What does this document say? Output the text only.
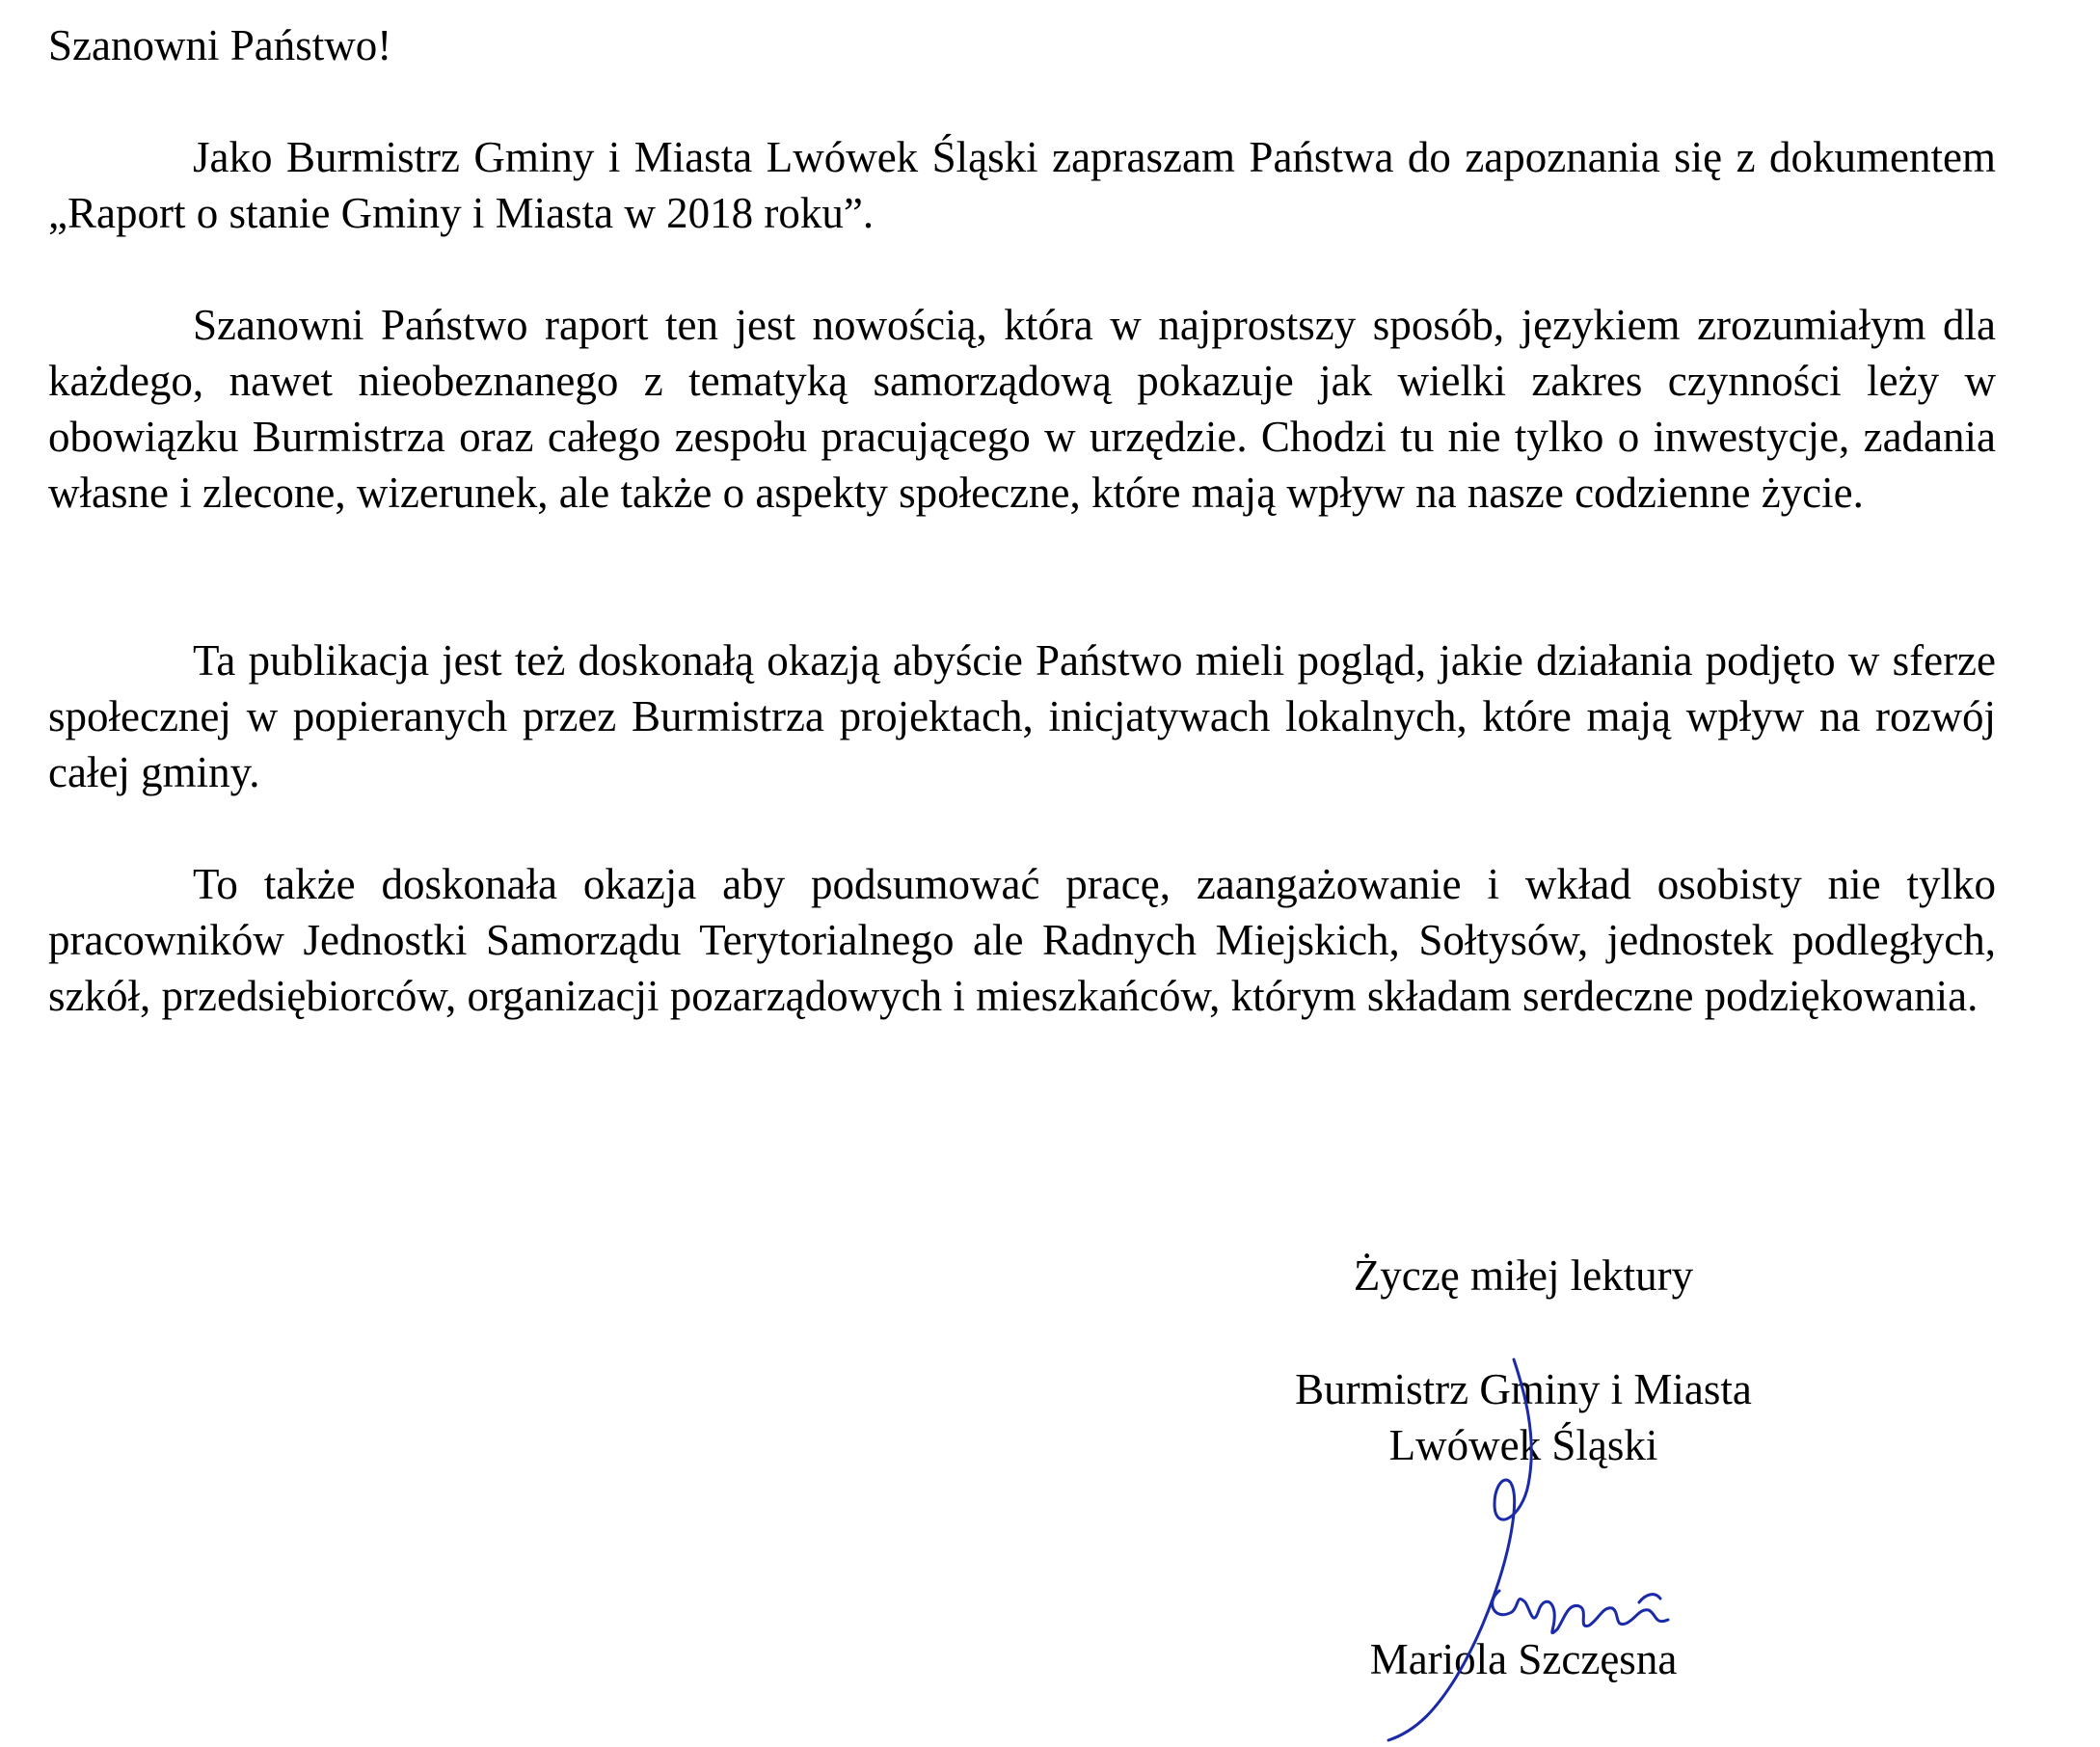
Szanowni Państwo!

Jako Burmistrz Gminy i Miasta Lwówek Śląski zapraszam Państwa do zapoznania się z dokumentem „Raport o stanie Gminy i Miasta w 2018 roku”.

Szanowni Państwo raport ten jest nowością, która w najprostszy sposób, językiem zrozumiałym dla każdego, nawet nieobeznanego z tematyką samorządową pokazuje jak wielki zakres czynności leży w obowiązku Burmistrza oraz całego zespołu pracującego w urzędzie. Chodzi tu nie tylko o inwestycje, zadania własne i zlecone, wizerunek, ale także o aspekty społeczne, które mają wpływ na nasze codzienne życie.

Ta publikacja jest też doskonałą okazją abyście Państwo mieli pogląd, jakie działania podjęto w sferze społecznej w popieranych przez Burmistrza projektach, inicjatywach lokalnych, które mają wpływ na rozwój całej gminy.

To także doskonała okazja aby podsumować pracę, zaangażowanie i wkład osobisty nie tylko pracowników Jednostki Samorządu Terytorialnego ale Radnych Miejskich, Sołtysów, jednostek podległych, szkół, przedsiębiorców, organizacji pozarządowych i mieszkańców, którym składam serdeczne podziękowania.

Życzę miłej lektury

Burmistrz Gminy i Miasta

Lwówek Śląski

Mariola Szczęsna
